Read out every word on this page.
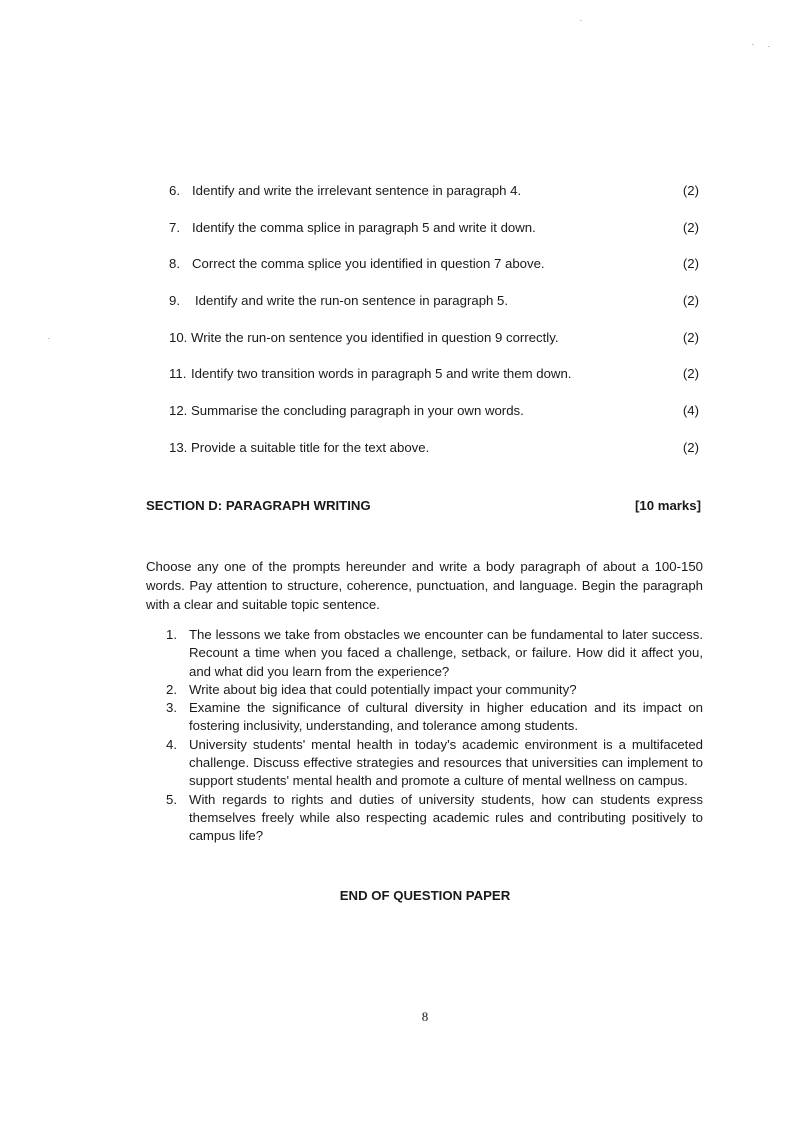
6. Identify and write the irrelevant sentence in paragraph 4.	(2)
7. Identify the comma splice in paragraph 5 and write it down.	(2)
8. Correct the comma splice you identified in question 7 above.	(2)
9. Identify and write the run-on sentence in paragraph 5.	(2)
10. Write the run-on sentence you identified in question 9 correctly.	(2)
11. Identify two transition words in paragraph 5 and write them down.	(2)
12. Summarise the concluding paragraph in your own words.	(4)
13. Provide a suitable title for the text above.	(2)
SECTION D: PARAGRAPH WRITING	[10 marks]

Choose any one of the prompts hereunder and write a body paragraph of about a 100-150 words. Pay attention to structure, coherence, punctuation, and language. Begin the paragraph with a clear and suitable topic sentence.

1. The lessons we take from obstacles we encounter can be fundamental to later success. Recount a time when you faced a challenge, setback, or failure. How did it affect you, and what did you learn from the experience?
2. Write about big idea that could potentially impact your community?
3. Examine the significance of cultural diversity in higher education and its impact on fostering inclusivity, understanding, and tolerance among students.
4. University students' mental health in today's academic environment is a multifaceted challenge. Discuss effective strategies and resources that universities can implement to support students' mental health and promote a culture of mental wellness on campus.
5. With regards to rights and duties of university students, how can students express themselves freely while also respecting academic rules and contributing positively to campus life?
END OF QUESTION PAPER
8
